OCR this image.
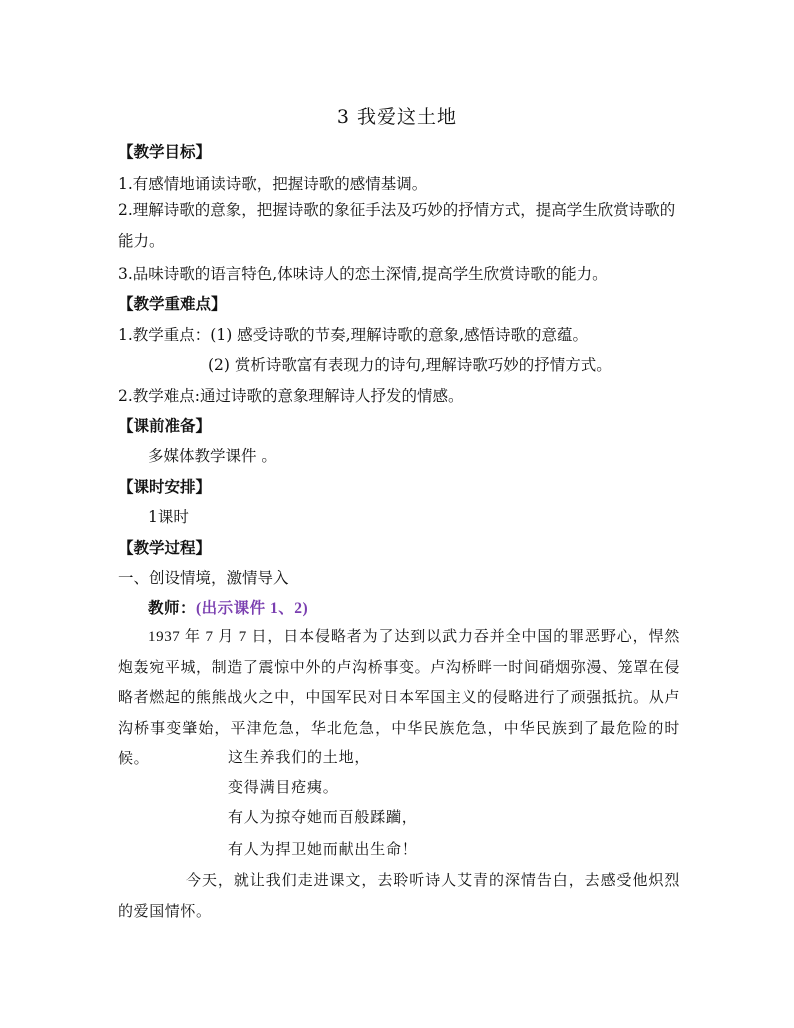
3 我爱这土地
【教学目标】
1.有感情地诵读诗歌，把握诗歌的感情基调。
2.理解诗歌的意象，把握诗歌的象征手法及巧妙的抒情方式，提高学生欣赏诗歌的能力。
3.品味诗歌的语言特色,体味诗人的恋土深情,提高学生欣赏诗歌的能力。
【教学重难点】
1.教学重点：(1) 感受诗歌的节奏,理解诗歌的意象,感悟诗歌的意蕴。
(2) 赏析诗歌富有表现力的诗句,理解诗歌巧妙的抒情方式。
2.教学难点:通过诗歌的意象理解诗人抒发的情感。
【课前准备】
多媒体教学课件 。
【课时安排】
1课时
【教学过程】
一、创设情境，激情导入
教师：(出示课件 1、2)
1937 年 7 月 7 日，日本侵略者为了达到以武力吞并全中国的罪恶野心，悍然炮轰宛平城，制造了震惊中外的卢沟桥事变。卢沟桥畔一时间硝烟弥漫、笼罩在侵略者燃起的熊熊战火之中，中国军民对日本军国主义的侵略进行了顽强抵抗。从卢沟桥事变肇始，平津危急，华北危急，中华民族危急，中华民族到了最危险的时候。	这生养我们的土地，
变得满目疮痍。
有人为掠夺她而百般蹂躏，
有人为捍卫她而献出生命！
今天，就让我们走进课文，去聆听诗人艾青的深情告白，去感受他炽烈的爱国情怀。
